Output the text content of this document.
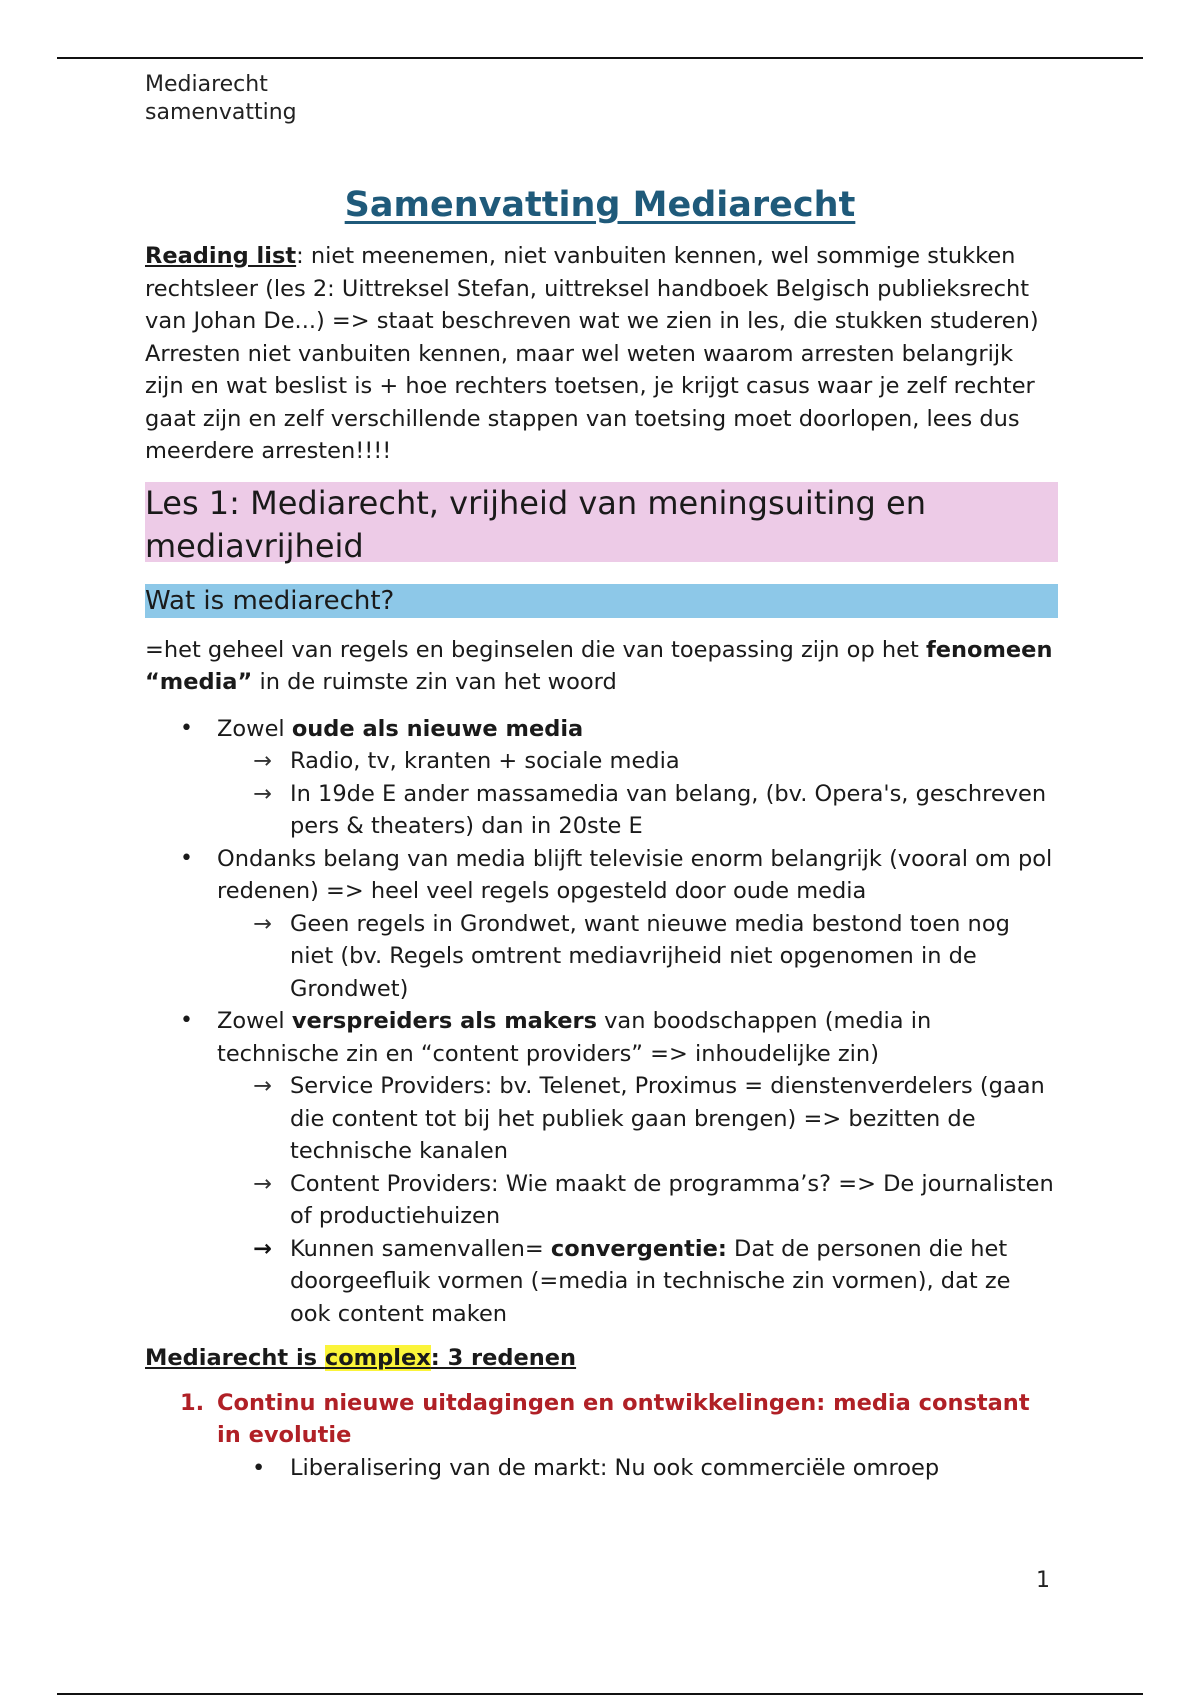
Mediarecht
samenvatting
Samenvatting Mediarecht

Reading list: niet meenemen, niet vanbuiten kennen, wel sommige stukken rechtsleer (les 2: Uittreksel Stefan, uittreksel handboek Belgisch publieksrecht van Johan De...) => staat beschreven wat we zien in les, die stukken studeren) Arresten niet vanbuiten kennen, maar wel weten waarom arresten belangrijk zijn en wat beslist is + hoe rechters toetsen, je krijgt casus waar je zelf rechter gaat zijn en zelf verschillende stappen van toetsing moet doorlopen, lees dus meerdere arresten!!!!

Les 1: Mediarecht, vrijheid van meningsuiting en mediavrijheid
Wat is mediarecht?

=het geheel van regels en beginselen die van toepassing zijn op het fenomeen “media” in de ruimste zin van het woord

• Zowel oude als nieuwe media
→ Radio, tv, kranten + sociale media
→ In 19de E ander massamedia van belang, (bv. Opera's, geschreven pers & theaters) dan in 20ste E
• Ondanks belang van media blijft televisie enorm belangrijk (vooral om pol redenen) => heel veel regels opgesteld door oude media
→ Geen regels in Grondwet, want nieuwe media bestond toen nog niet (bv. Regels omtrent mediavrijheid niet opgenomen in de Grondwet)
• Zowel verspreiders als makers van boodschappen (media in technische zin en “content providers” => inhoudelijke zin)
→ Service Providers: bv. Telenet, Proximus = dienstenverdelers (gaan die content tot bij het publiek gaan brengen) => bezitten de technische kanalen
→ Content Providers: Wie maakt de programma’s? => De journalisten of productiehuizen
→ Kunnen samenvallen= convergentie: Dat de personen die het doorgeefluik vormen (=media in technische zin vormen), dat ze ook content maken

Mediarecht is complex: 3 redenen

1. Continu nieuwe uitdagingen en ontwikkelingen: media constant in evolutie
• Liberalisering van de markt: Nu ook commerciële omroep
1
